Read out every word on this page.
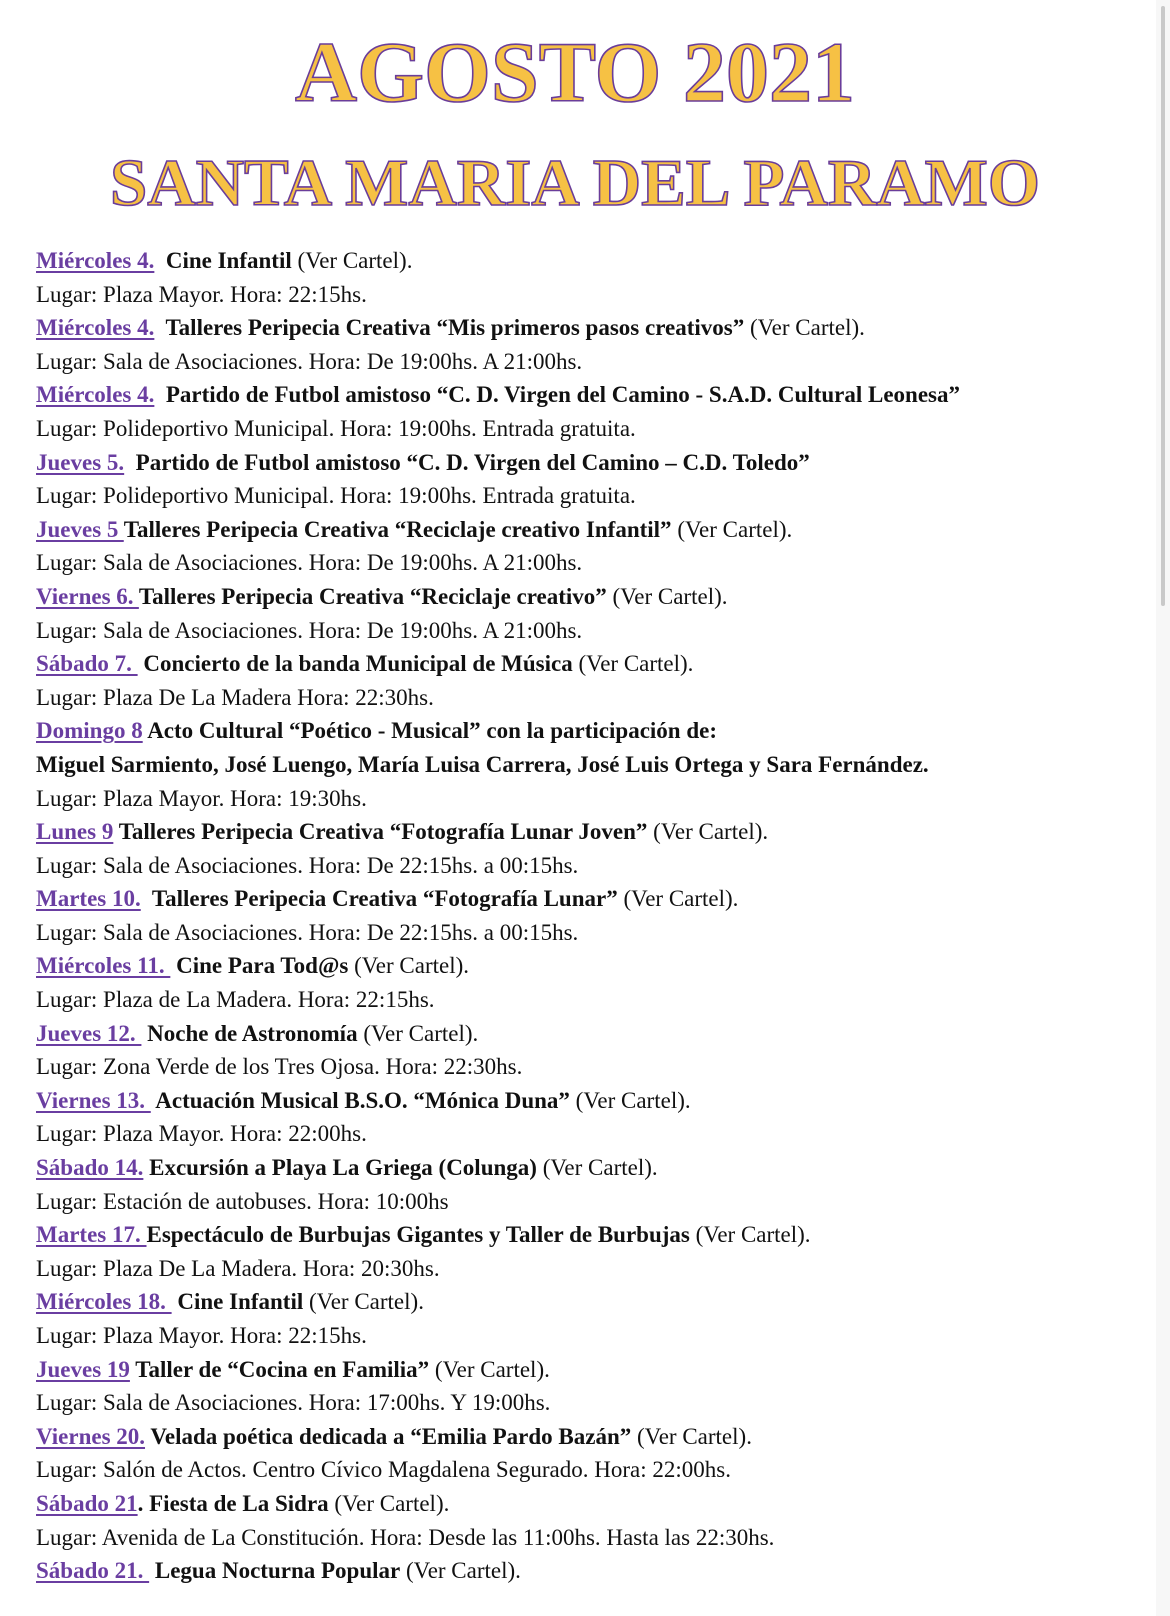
AGOSTO 2021
SANTA MARIA DEL PARAMO
Miércoles 4. Cine Infantil (Ver Cartel).
Lugar: Plaza Mayor. Hora: 22:15hs.
Miércoles 4. Talleres Peripecia Creativa “Mis primeros pasos creativos” (Ver Cartel).
Lugar: Sala de Asociaciones. Hora: De 19:00hs. A 21:00hs.
Miércoles 4. Partido de Futbol amistoso “C. D. Virgen del Camino - S.A.D. Cultural Leonesa”
Lugar: Polideportivo Municipal. Hora: 19:00hs. Entrada gratuita.
Jueves 5. Partido de Futbol amistoso “C. D. Virgen del Camino – C.D. Toledo”
Lugar: Polideportivo Municipal. Hora: 19:00hs. Entrada gratuita.
Jueves 5 Talleres Peripecia Creativa “Reciclaje creativo Infantil” (Ver Cartel).
Lugar: Sala de Asociaciones. Hora: De 19:00hs. A 21:00hs.
Viernes 6. Talleres Peripecia Creativa “Reciclaje creativo” (Ver Cartel).
Lugar: Sala de Asociaciones. Hora: De 19:00hs. A 21:00hs.
Sábado 7.  Concierto de la banda Municipal de Música (Ver Cartel).
Lugar: Plaza De La Madera Hora: 22:30hs.
Domingo 8 Acto Cultural “Poético - Musical” con la participación de:
Miguel Sarmiento, José Luengo, María Luisa Carrera, José Luis Ortega y Sara Fernández.
Lugar: Plaza Mayor. Hora: 19:30hs.
Lunes 9 Talleres Peripecia Creativa “Fotografía Lunar Joven” (Ver Cartel).
Lugar: Sala de Asociaciones. Hora: De 22:15hs. a 00:15hs.
Martes 10. Talleres Peripecia Creativa “Fotografía Lunar” (Ver Cartel).
Lugar: Sala de Asociaciones. Hora: De 22:15hs. a 00:15hs.
Miércoles 11.  Cine Para Tod@s (Ver Cartel).
Lugar: Plaza de La Madera. Hora: 22:15hs.
Jueves 12.  Noche de Astronomía (Ver Cartel).
Lugar: Zona Verde de los Tres Ojosa. Hora: 22:30hs.
Viernes 13.  Actuación Musical B.S.O. “Mónica Duna” (Ver Cartel).
Lugar: Plaza Mayor. Hora: 22:00hs.
Sábado 14. Excursión a Playa La Griega (Colunga) (Ver Cartel).
Lugar: Estación de autobuses. Hora: 10:00hs
Martes 17. Espectáculo de Burbujas Gigantes y Taller de Burbujas (Ver Cartel).
Lugar: Plaza De La Madera. Hora: 20:30hs.
Miércoles 18.  Cine Infantil (Ver Cartel).
Lugar: Plaza Mayor. Hora: 22:15hs.
Jueves 19 Taller de “Cocina en Familia” (Ver Cartel).
Lugar: Sala de Asociaciones. Hora: 17:00hs. Y 19:00hs.
Viernes 20. Velada poética dedicada a “Emilia Pardo Bazán” (Ver Cartel).
Lugar: Salón de Actos. Centro Cívico Magdalena Segurado. Hora: 22:00hs.
Sábado 21. Fiesta de La Sidra (Ver Cartel).
Lugar: Avenida de La Constitución. Hora: Desde las 11:00hs. Hasta las 22:30hs.
Sábado 21.  Legua Nocturna Popular (Ver Cartel).
